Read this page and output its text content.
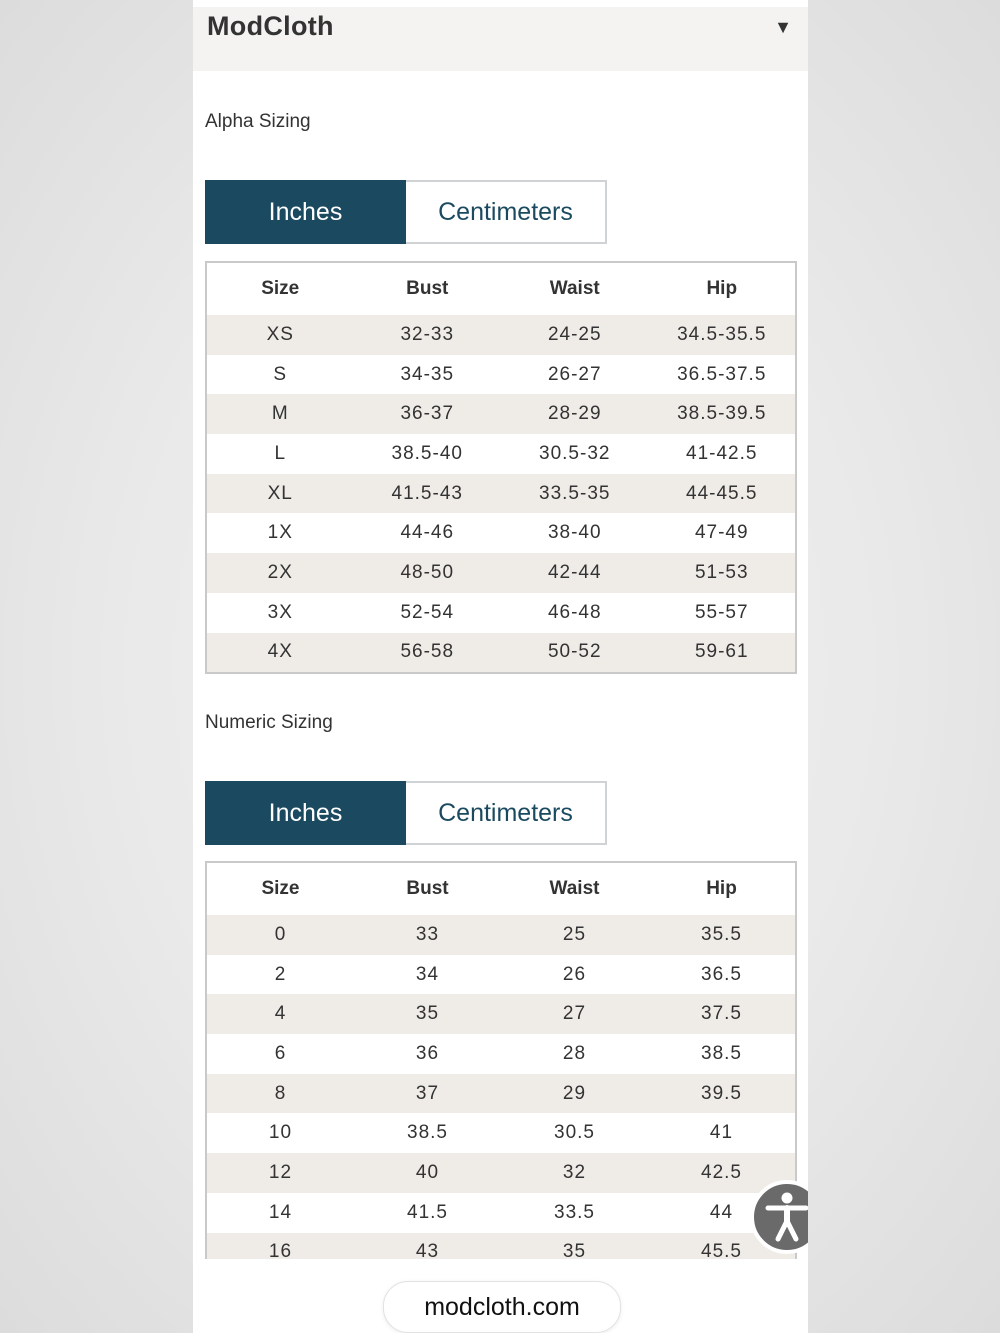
ModCloth	▼
Alpha Sizing
Inches	Centimeters
Size	Bust	Waist	Hip
XS	32-33	24-25	34.5-35.5
S	34-35	26-27	36.5-37.5
M	36-37	28-29	38.5-39.5
L	38.5-40	30.5-32	41-42.5
XL	41.5-43	33.5-35	44-45.5
1X	44-46	38-40	47-49
2X	48-50	42-44	51-53
3X	52-54	46-48	55-57
4X	56-58	50-52	59-61
Numeric Sizing
Inches	Centimeters
Size	Bust	Waist	Hip
0	33	25	35.5
2	34	26	36.5
4	35	27	37.5
6	36	28	38.5
8	37	29	39.5
10	38.5	30.5	41
12	40	32	42.5
14	41.5	33.5	44
16	43	35	45.5
modcloth.com
